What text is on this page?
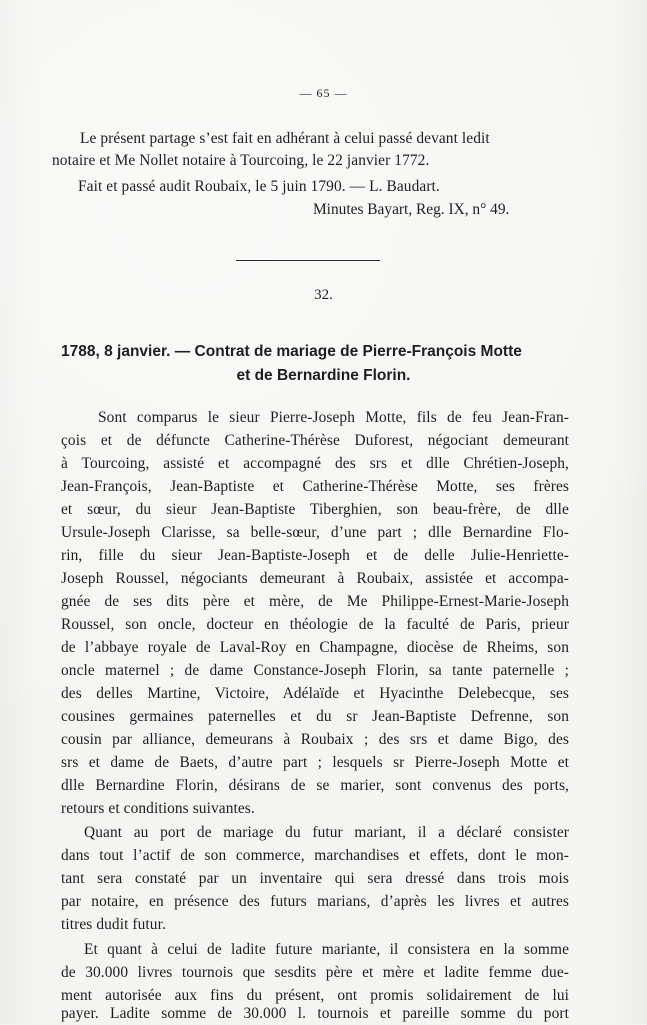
— 65 —
Le présent partage s’est fait en adhérant à celui passé devant ledit
notaire et Me Nollet notaire à Tourcoing, le 22 janvier 1772.
Fait et passé audit Roubaix, le 5 juin 1790. — L. Baudart.
Minutes Bayart, Reg. IX, n° 49.
32.
1788, 8 janvier. — Contrat de mariage de Pierre-François Motte
et de Bernardine Florin.
Sont comparus le sieur Pierre-Joseph Motte, fils de feu Jean-Fran-
çois et de défuncte Catherine-Thérèse Duforest, négociant demeurant
à Tourcoing, assisté et accompagné des srs et dlle Chrétien-Joseph,
Jean-François, Jean-Baptiste et Catherine-Thérèse Motte, ses frères
et sœur, du sieur Jean-Baptiste Tiberghien, son beau-frère, de dlle
Ursule-Joseph Clarisse, sa belle-sœur, d’une part ; dlle Bernardine Flo-
rin, fille du sieur Jean-Baptiste-Joseph et de delle Julie-Henriette-
Joseph Roussel, négociants demeurant à Roubaix, assistée et accompa-
gnée de ses dits père et mère, de Me Philippe-Ernest-Marie-Joseph
Roussel, son oncle, docteur en théologie de la faculté de Paris, prieur
de l’abbaye royale de Laval-Roy en Champagne, diocèse de Rheims, son
oncle maternel ; de dame Constance-Joseph Florin, sa tante paternelle ;
des delles Martine, Victoire, Adélaïde et Hyacinthe Delebecque, ses
cousines germaines paternelles et du sr Jean-Baptiste Defrenne, son
cousin par alliance, demeurans à Roubaix ; des srs et dame Bigo, des
srs et dame de Baets, d’autre part ; lesquels sr Pierre-Joseph Motte et
dlle Bernardine Florin, désirans de se marier, sont convenus des ports,
retours et conditions suivantes.
Quant au port de mariage du futur mariant, il a déclaré consister
dans tout l’actif de son commerce, marchandises et effets, dont le mon-
tant sera constaté par un inventaire qui sera dressé dans trois mois
par notaire, en présence des futurs marians, d’après les livres et autres
titres dudit futur.
Et quant à celui de ladite future mariante, il consistera en la somme
de 30.000 livres tournois que sesdits père et mère et ladite femme due-
ment autorisée aux fins du présent, ont promis solidairement de lui
payer. Ladite somme de 30.000 l. tournois et pareille somme du port
